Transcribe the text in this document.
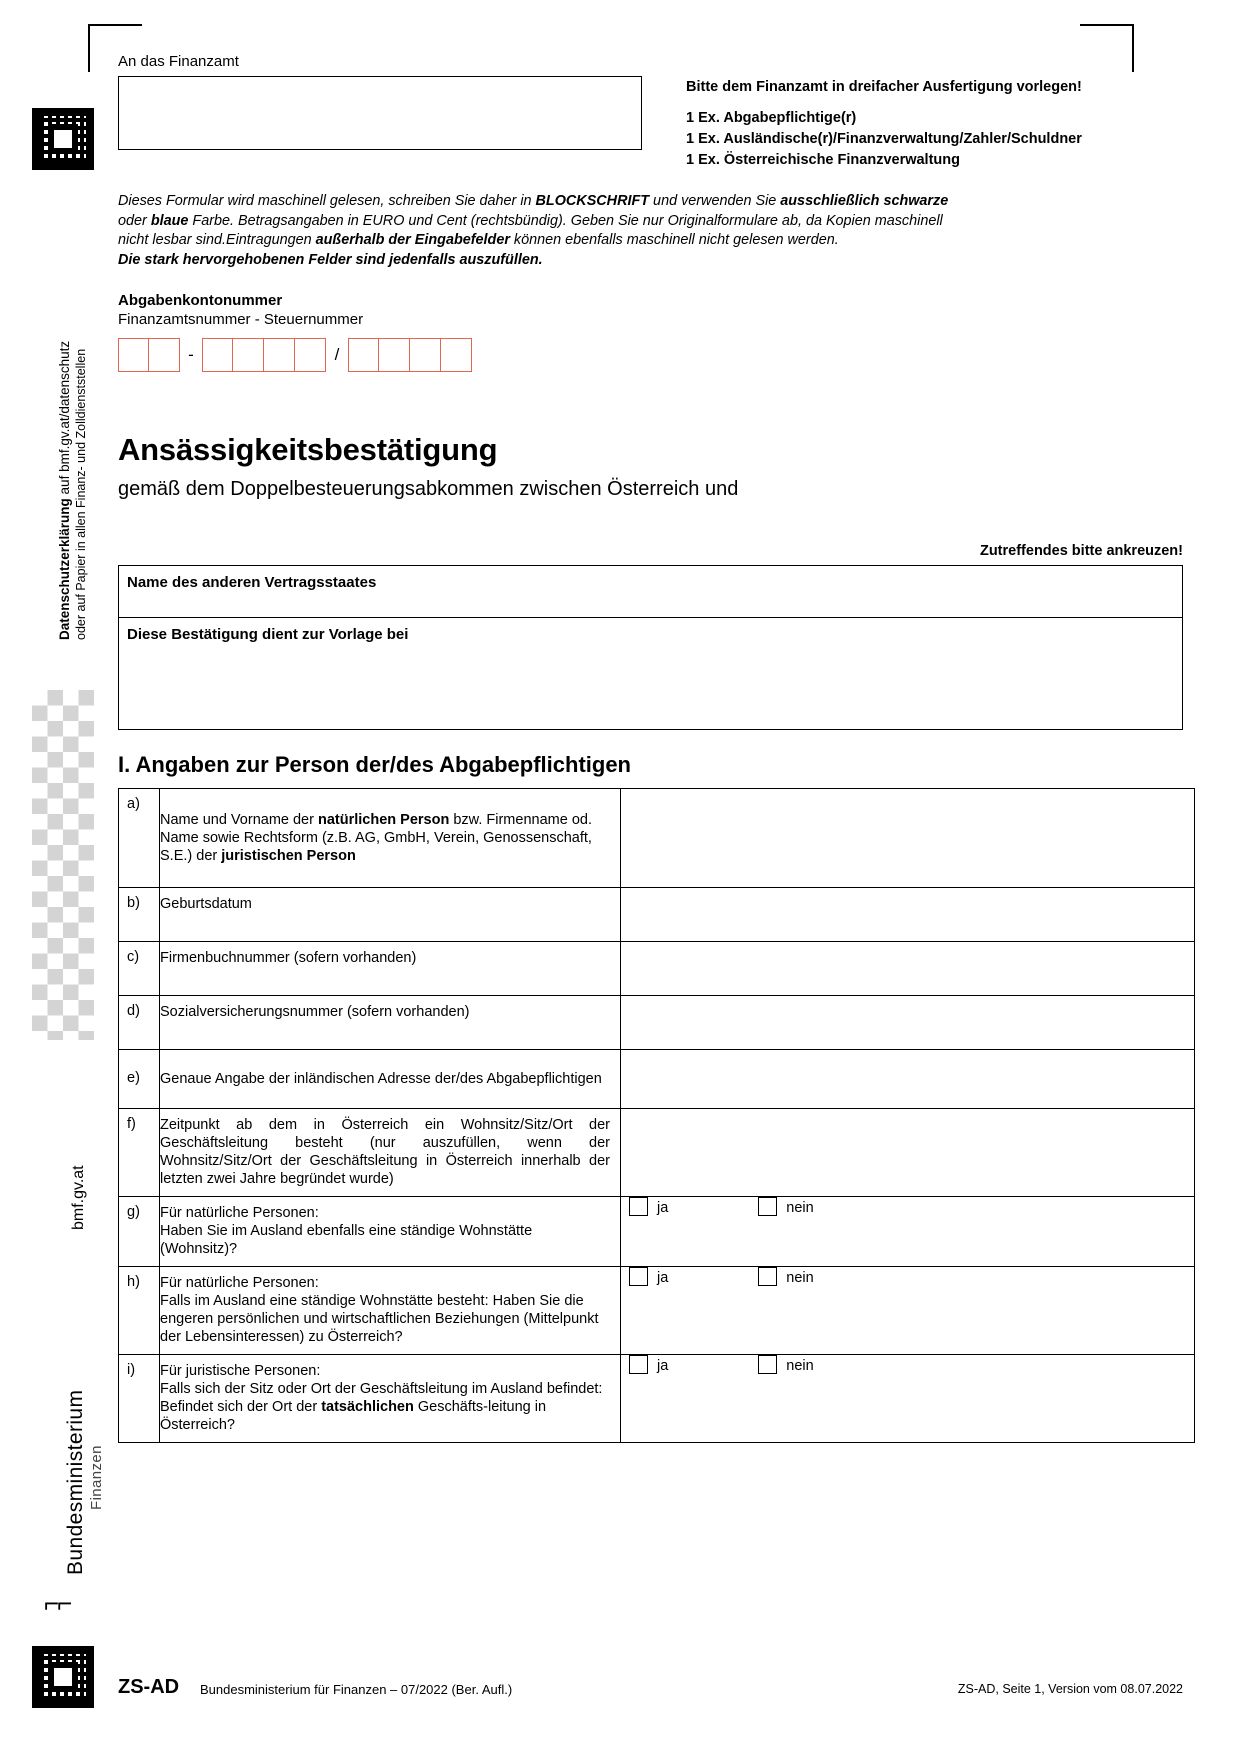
Datenschutzerklärung auf bmf.gv.at/datenschutz oder auf Papier in allen Finanz- und Zolldienststellen
bmf.gv.at
Bundesministerium Finanzen
⌐⌐
An das Finanzamt
Bitte dem Finanzamt in dreifacher Ausfertigung vorlegen!
1 Ex. Abgabepflichtige(r)
1 Ex. Ausländische(r)/Finanzverwaltung/Zahler/Schuldner
1 Ex. Österreichische Finanzverwaltung
Dieses Formular wird maschinell gelesen, schreiben Sie daher in BLOCKSCHRIFT und verwenden Sie ausschließlich schwarze
oder blaue Farbe. Betragsangaben in EURO und Cent (rechtsbündig). Geben Sie nur Originalformulare ab, da Kopien maschinell
nicht lesbar sind.Eintragungen außerhalb der Eingabefelder können ebenfalls maschinell nicht gelesen werden.
Die stark hervorgehobenen Felder sind jedenfalls auszufüllen.
Abgabenkontonummer
Finanzamtsnummer - Steuernummer
-	/
Ansässigkeitsbestätigung
gemäß dem Doppelbesteuerungsabkommen zwischen Österreich und
Zutreffendes bitte ankreuzen!
Name des anderen Vertragsstaates
Diese Bestätigung dient zur Vorlage bei
I. Angaben zur Person der/des Abgabepflichtigen
a)	Name und Vorname der natürlichen Person bzw. Firmenname od. Name sowie Rechtsform (z.B. AG, GmbH, Verein, Genossenschaft, S.E.) der juristischen Person	
b)	Geburtsdatum	
c)	Firmenbuchnummer (sofern vorhanden)	
d)	Sozialversicherungsnummer (sofern vorhanden)	
e)	Genaue Angabe der inländischen Adresse der/des Abgabepflichtigen	
f)	Zeitpunkt ab dem in Österreich ein Wohnsitz/Sitz/Ort der Geschäftsleitung besteht (nur auszufüllen, wenn der Wohnsitz/Sitz/Ort der Geschäftsleitung in Österreich innerhalb der letzten zwei Jahre begründet wurde)	
g)	Für natürliche Personen:
Haben Sie im Ausland ebenfalls eine ständige Wohnstätte (Wohnsitz)?

ja	nein

h)	Für natürliche Personen:
Falls im Ausland eine ständige Wohnstätte besteht: Haben Sie die engeren persönlichen und wirtschaftlichen Beziehungen (Mittelpunkt der Lebensinteressen) zu Österreich?

ja	nein

i)	Für juristische Personen:
Falls sich der Sitz oder Ort der Geschäftsleitung im Ausland befindet: Befindet sich der Ort der tatsächlichen Geschäfts-leitung in Österreich?

ja	nein
ZS-AD Bundesministerium für Finanzen – 07/2022 (Ber. Aufl.)	ZS-AD, Seite 1, Version vom 08.07.2022
